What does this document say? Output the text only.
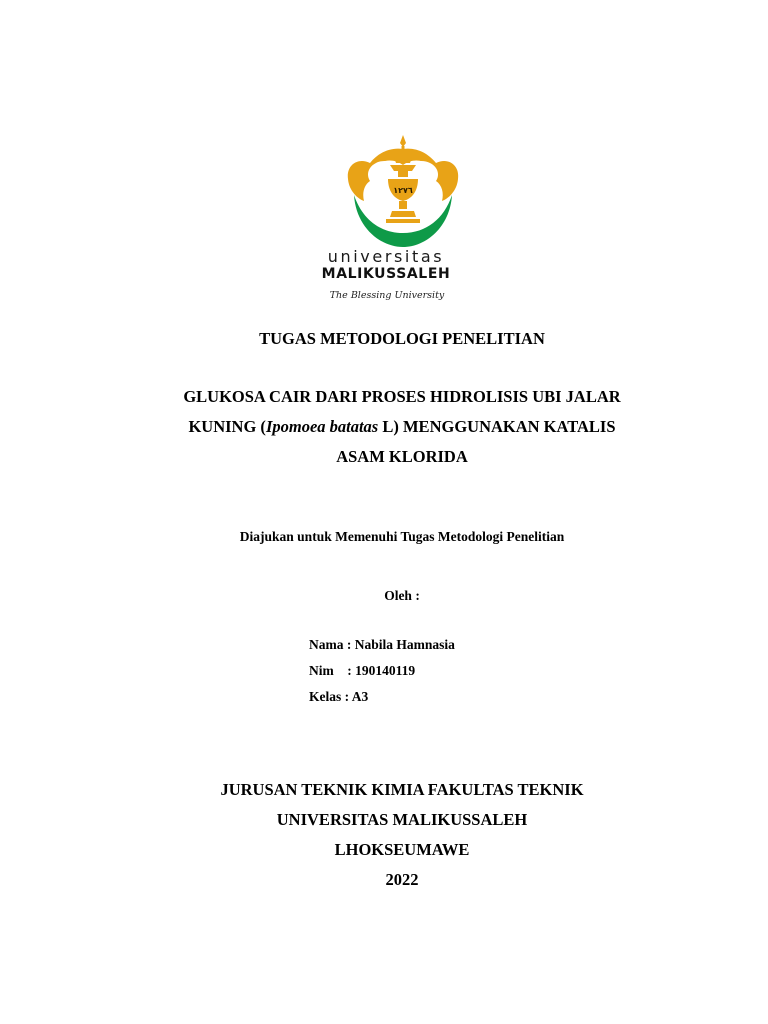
١٢٧٦
universitas
MALIKUSSALEH
The Blessing University
TUGAS METODOLOGI PENELITIAN
GLUKOSA CAIR DARI PROSES HIDROLISIS UBI JALAR
KUNING (Ipomoea batatas L) MENGGUNAKAN KATALIS
ASAM KLORIDA
Diajukan untuk Memenuhi Tugas Metodologi Penelitian
Oleh :
Nama : Nabila Hamnasia
Nim    : 190140119
Kelas : A3
JURUSAN TEKNIK KIMIA FAKULTAS TEKNIK
UNIVERSITAS MALIKUSSALEH
LHOKSEUMAWE
2022
